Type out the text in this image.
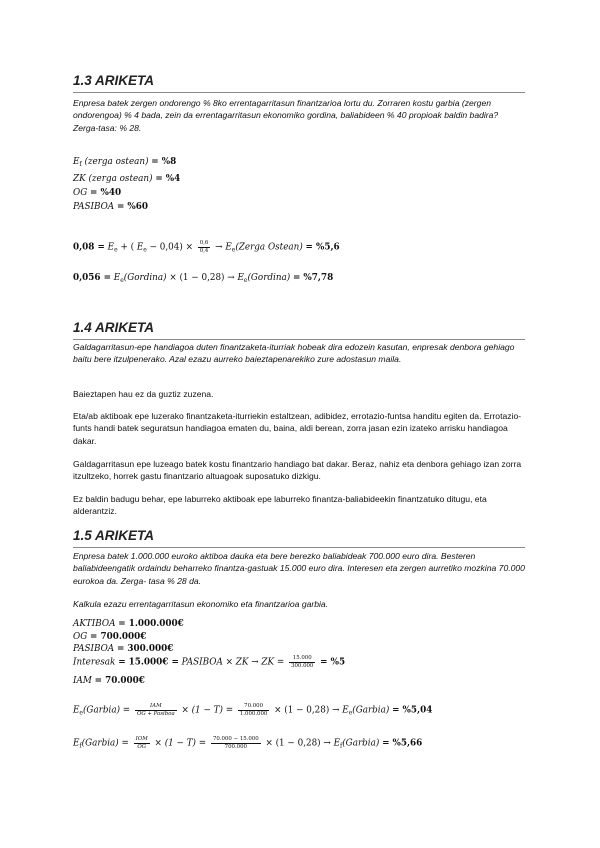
1.3 ARIKETA

Enpresa batek zergen ondorengo % 8ko errentagarritasun finantzarioa lortu du. Zorraren kostu garbia (zergen ondorengoa) % 4 bada, zein da errentagarritasun ekonomiko gordina, baliabideen % 40 propioak baldin badira? Zerga-tasa: % 28.

$E_f$ (zerga ostean) = %8
ZK (zerga ostean) = %4
OG = %40
PASIBOA = %60
$0,08 = E_e$ + ( $E_e - 0,04) \times \frac{0,6}{0,4}$ → $E_e(Zerga$ Ostean) = %5,6
$0,056 = E_e(Gordina) \times (1 - 0,28)$ → $E_e(Gordina) = \%7,78$
1.4 ARIKETA

Galdagarritasun-epe handiagoa duten finantzaketa-iturriak hobeak dira edozein kasutan, enpresak denbora gehiago baitu bere itzulpenerako. Azal ezazu aurreko baieztapenarekiko zure adostasun maila.

Baieztapen hau ez da guztiz zuzena.

Eta/ab aktiboak epe luzerako finantzaketa-iturriekin estaltzean, adibidez, errotazio-funtsa handitu egiten da. Errotazio-funts handi batek seguratsun handiagoa ematen du, baina, aldi berean, zorra jasan ezin izateko arrisku handiagoa dakar.

Galdagarritasun epe luzeago batek kostu finantzario handiago bat dakar. Beraz, nahiz eta denbora gehiago izan zorra itzultzeko, horrek gastu finantzario altuagoak suposatuko dizkigu.

Ez baldin badugu behar, epe laburreko aktiboak epe laburreko finantza-baliabideekin finantzatuko ditugu, eta alderantziz.

1.5 ARIKETA

Enpresa batek 1.000.000 euroko aktiboa dauka eta bere berezko baliabideak 700.000 euro dira. Besteren baliabideengatik ordaindu beharreko finantza-gastuak 15.000 euro dira. Interesen eta zergen aurretiko mozkina 70.000 eurokoa da. Zerga- tasa % 28 da.

Kalkula ezazu errentagarritasun ekonomiko eta finantzarioa garbia.

AKTIBOA = 1.000.000€
OG = 700.000€
PASIBOA = 300.000€
Interesak = 15.000€ = PASIBOA × ZK → ZK = $\frac{15.000}{300.000} = \%5$
IAM = 70.000€
$E_e(Garbia) = \frac{\text{IAM}}{\text{OG + Pasiboa}} \times (1 - T) = \frac{70.000}{1.000.000} \times (1 - 0,28)$ → $E_e(Garbia) = \%5,04$
$E_f(Garbia) = \frac{\text{IOM}}{OG} \times (1 - T) = \frac{70.000 - 15.000}{700.000} \times (1 - 0,28)$ → $E_f(Garbia) = \%5,66$
